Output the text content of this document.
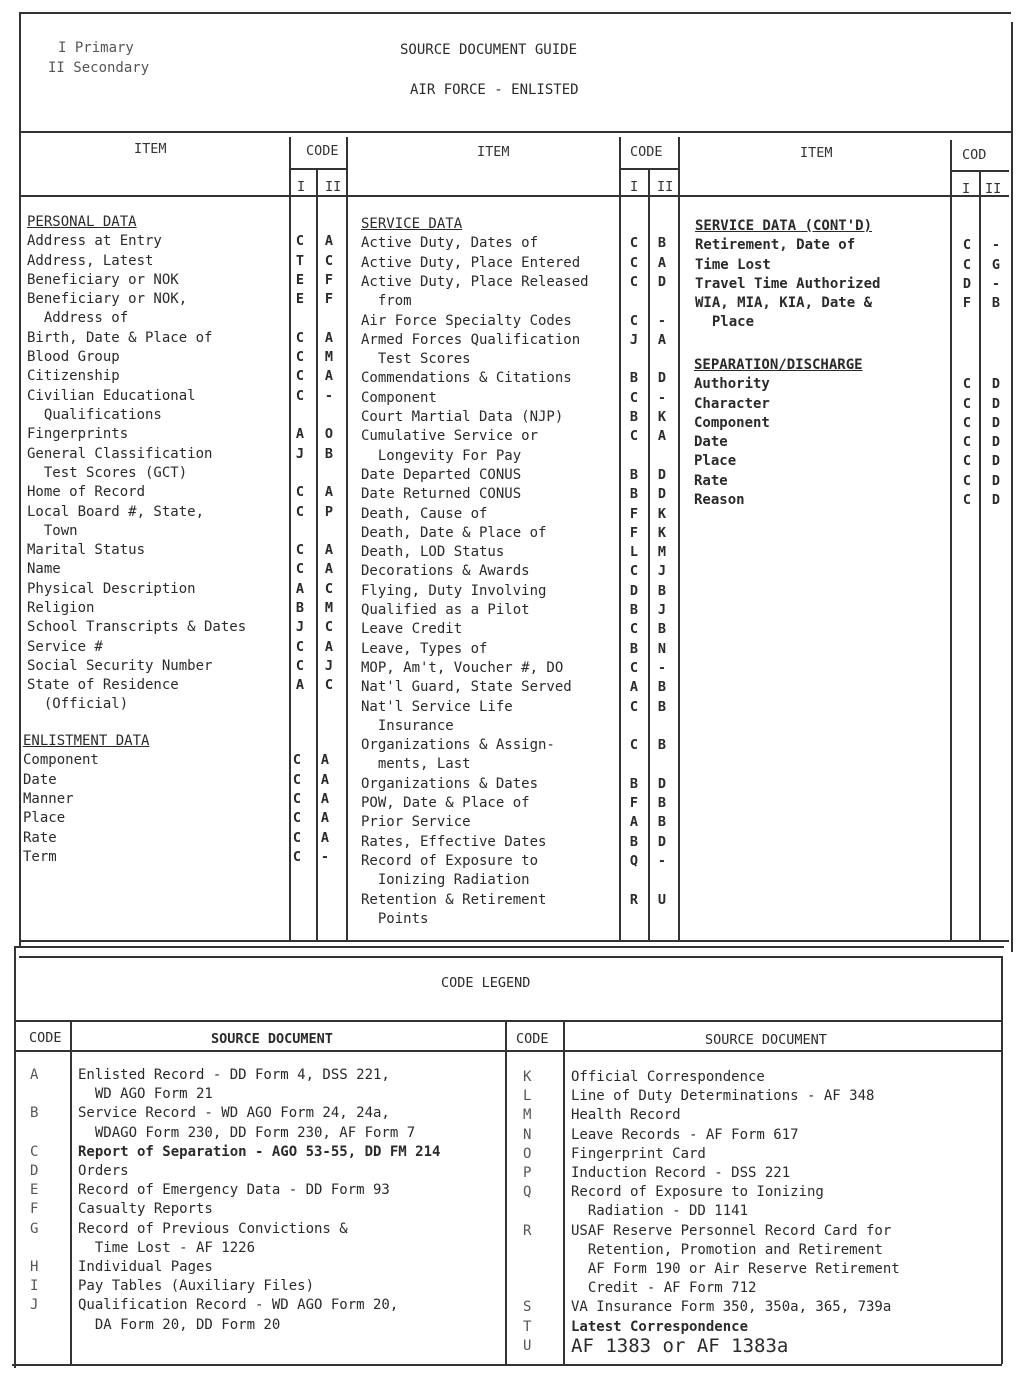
I Primary
II Secondary
SOURCE DOCUMENT GUIDE
AIR FORCE - ENLISTED
ITEM	CODE
I II
ITEM	CODE
I II
ITEM	COD
I II
PERSONAL DATA
Address at Entry	C	A
Address, Latest	T	C
Beneficiary or NOK	E	F
Beneficiary or NOK,
Address of
E	F
Birth, Date & Place of	C	A
Blood Group	C	M
Citizenship	C	A
Civilian Educational
Qualifications
C	-
Fingerprints	A	O
General Classification
Test Scores (GCT)
J	B
Home of Record	C	A
Local Board #, State,
Town
C	P
Marital Status	C	A
Name	C	A
Physical Description	A	C
Religion	B	M
School Transcripts & Dates	J	C
Service #	C	A
Social Security Number	C	J
State of Residence
(Official)
A	C
ENLISTMENT DATA
Component	C	A
Date	C	A
Manner	C	A
Place	C	A
Rate	C	A
Term	C	-
SERVICE DATA
Active Duty, Dates of	C	B
Active Duty, Place Entered	C	A
Active Duty, Place Released
from
C	D
Air Force Specialty Codes	C	-
Armed Forces Qualification
Test Scores
J	A
Commendations & Citations	B	D
Component	C	-
Court Martial Data (NJP)	B	K
Cumulative Service or
Longevity For Pay
C	A
Date Departed CONUS	B	D
Date Returned CONUS	B	D
Death, Cause of	F	K
Death, Date & Place of	F	K
Death, LOD Status	L	M
Decorations & Awards	C	J
Flying, Duty Involving	D	B
Qualified as a Pilot	B	J
Leave Credit	C	B
Leave, Types of	B	N
MOP, Am't, Voucher #, DO	C	-
Nat'l Guard, State Served	A	B
Nat'l Service Life
Insurance
C	B
Organizations & Assign-
ments, Last
C	B
Organizations & Dates	B	D
POW, Date & Place of	F	B
Prior Service	A	B
Rates, Effective Dates	B	D
Record of Exposure to
Ionizing Radiation
Q	-
Retention & Retirement
Points
R	U
SERVICE DATA (CONT'D)
Retirement, Date of	C	-
Time Lost	C	G
Travel Time Authorized	D	-
WIA, MIA, KIA, Date &
Place
F	B
SEPARATION/DISCHARGE
Authority	C	D
Character	C	D
Component	C	D
Date	C	D
Place	C	D
Rate	C	D
Reason	C	D
CODE LEGEND
CODE	SOURCE DOCUMENT	CODE	SOURCE DOCUMENT
A	Enlisted Record - DD Form 4, DSS 221,
WD AGO Form 21
B	Service Record - WD AGO Form 24, 24a,
WDAGO Form 230, DD Form 230, AF Form 7
C	Report of Separation - AGO 53-55, DD FM 214
D	Orders
E	Record of Emergency Data - DD Form 93
F	Casualty Reports
G	Record of Previous Convictions &
Time Lost - AF 1226
H	Individual Pages
I	Pay Tables (Auxiliary Files)
J	Qualification Record - WD AGO Form 20,
DA Form 20, DD Form 20
K	Official Correspondence
L	Line of Duty Determinations - AF 348
M	Health Record
N	Leave Records - AF Form 617
O	Fingerprint Card
P	Induction Record - DSS 221
Q	Record of Exposure to Ionizing
Radiation - DD 1141
R	USAF Reserve Personnel Record Card for
Retention, Promotion and Retirement
AF Form 190 or Air Reserve Retirement
Credit - AF Form 712
S	VA Insurance Form 350, 350a, 365, 739a
T	Latest Correspondence
U AF 1383 or AF 1383a
